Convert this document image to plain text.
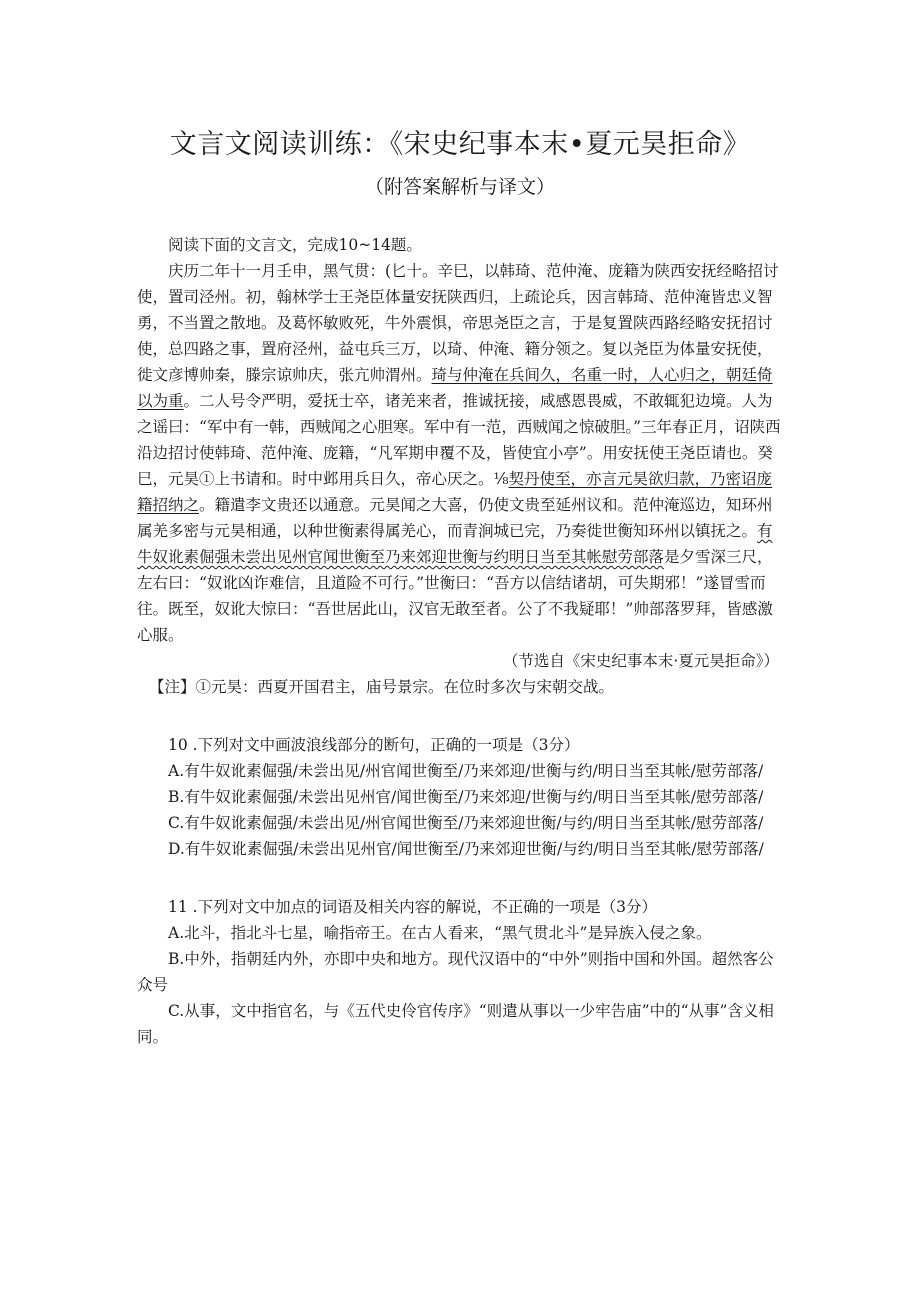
文言文阅读训练：《宋史纪事本末•夏元昊拒命》
（附答案解析与译文）

阅读下面的文言文，完成10~14题。

庆历二年十一月壬申，黑气贯：(匕十。辛巳，以韩琦、范仲淹、庞籍为陕西安抚经略招讨使，置司泾州。初，翰林学士王尧臣体量安抚陕西归，上疏论兵，因言韩琦、范仲淹皆忠义智勇，不当置之散地。及葛怀敏败死，牛外震惧，帝思尧臣之言，于是复置陕西路经略安抚招讨使，总四路之事，置府泾州，益屯兵三万，以琦、仲淹、籍分领之。复以尧臣为体量安抚使，徙文彦博帅秦，滕宗谅帅庆，张亢帅渭州。琦与仲淹在兵间久，名重一时，人心归之，朝廷倚以为重。二人号令严明，爱抚士卒，诸羌来者，推诚抚接，咸感恩畏威，不敢辄犯边境。人为之谣曰：“军中有一韩，西贼闻之心胆寒。军中有一范，西贼闻之惊破胆。”三年春正月，诏陕西沿边招讨使韩琦、范仲淹、庞籍，“凡军期申覆不及，皆使宜小亭”。用安抚使王尧臣请也。癸巳，元昊①上书请和。时中邺用兵日久，帝心厌之。⅛契丹使至，亦言元昊欲归款，乃密诏庞籍招纳之。籍遣李文贵还以通意。元昊闻之大喜，仍使文贵至延州议和。范仲淹巡边，知环州属羌多密与元昊相通，以种世衡素得属羌心，而青涧城已完，乃奏徙世衡知环州以镇抚之。有牛奴讹素倔强未尝出见州官闻世衡至乃来郊迎世衡与约明日当至其帐慰劳部落是夕雪深三尺，左右曰：“奴讹凶诈难信，且道险不可行。”世衡曰：“吾方以信结诸胡，可失期邪！”遂冒雪而往。既至，奴讹大惊曰：“吾世居此山，汉官无敢至者。公了不我疑耶！”帅部落罗拜，皆感激心服。

（节选自《宋史纪事本末·夏元昊拒命》）

【注】①元昊：西夏开国君主，庙号景宗。在位时多次与宋朝交战。

10 .下列对文中画波浪线部分的断句，正确的一项是（3分）

A.有牛奴讹素倔强/未尝出见/州官闻世衡至/乃来郊迎/世衡与约/明日当至其帐/慰劳部落/

B.有牛奴讹素倔强/未尝出见州官/闻世衡至/乃来郊迎/世衡与约/明日当至其帐/慰劳部落/

C.有牛奴讹素倔强/未尝出见/州官闻世衡至/乃来郊迎世衡/与约/明日当至其帐/慰劳部落/

D.有牛奴讹素倔强/未尝出见州官/闻世衡至/乃来郊迎世衡/与约/明日当至其帐/慰劳部落/

11 .下列对文中加点的词语及相关内容的解说，不正确的一项是（3分）

A.北斗，指北斗七星，喻指帝王。在古人看来，“黑气贯北斗”是异族入侵之象。

B.中外，指朝廷内外，亦即中央和地方。现代汉语中的“中外”则指中国和外国。超然客公众号

C.从事，文中指官名，与《五代史伶官传序》“则遣从事以一少牢告庙”中的“从事”含义相同。
